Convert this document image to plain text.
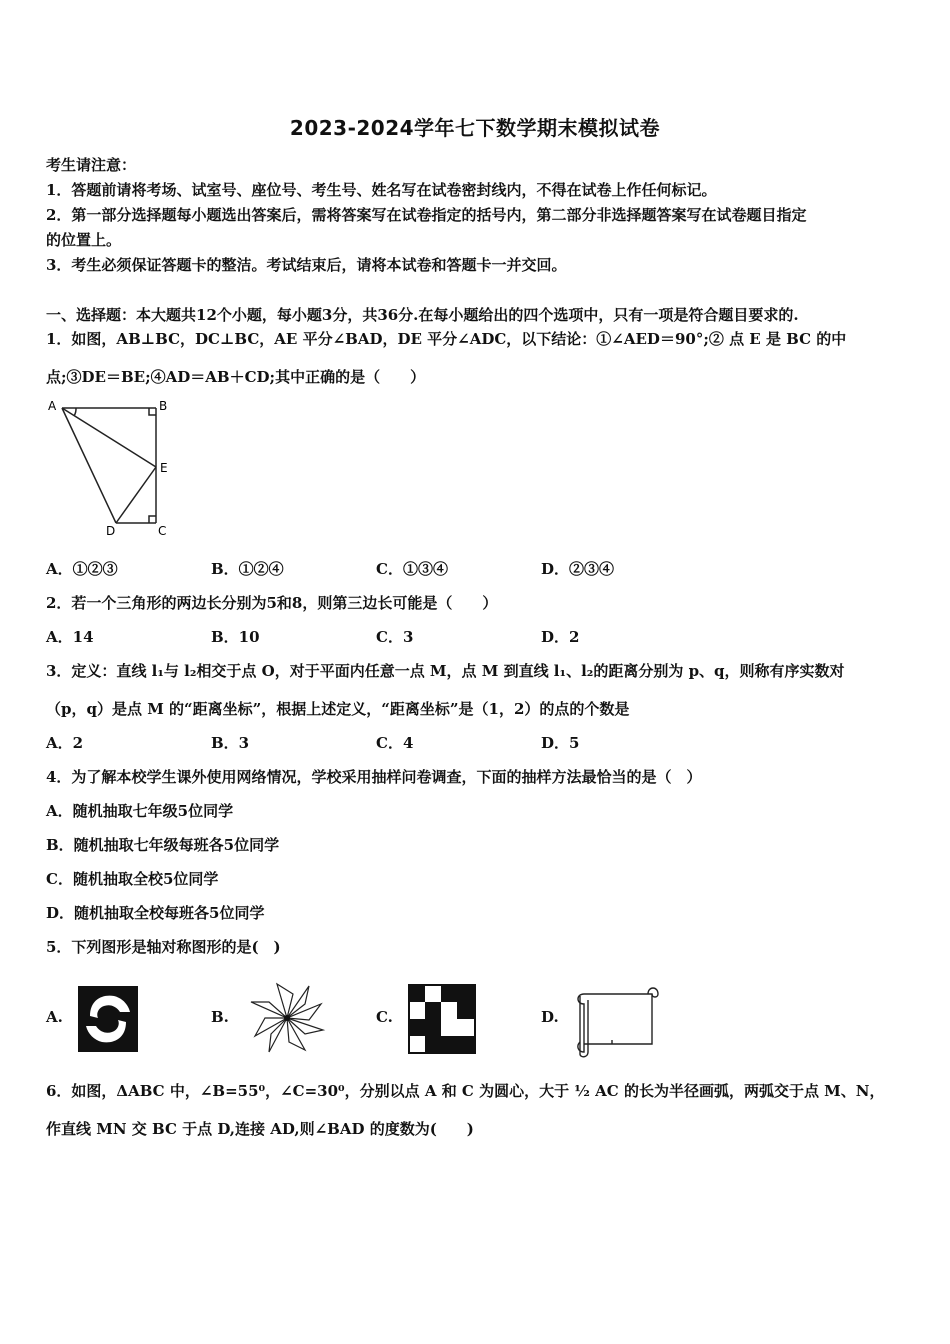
2023-2024学年七下数学期末模拟试卷
考生请注意：
1．答题前请将考场、试室号、座位号、考生号、姓名写在试卷密封线内，不得在试卷上作任何标记。
2．第一部分选择题每小题选出答案后，需将答案写在试卷指定的括号内，第二部分非选择题答案写在试卷题目指定
的位置上。
3．考生必须保证答题卡的整洁。考试结束后，请将本试卷和答题卡一并交回。
一、选择题：本大题共12个小题，每小题3分，共36分.在每小题给出的四个选项中，只有一项是符合题目要求的.
1．如图，AB⊥BC，DC⊥BC，AE 平分∠BAD，DE 平分∠ADC，以下结论：①∠AED＝90°;② 点 E 是 BC 的中
点;③DE＝BE;④AD＝AB＋CD;其中正确的是（　　）
A	B
E
D	C
A．①②③	B．①②④	C．①③④	D．②③④
2．若一个三角形的两边长分别为5和8，则第三边长可能是（　　）
A．14	B．10	C．3	D．2
3．定义：直线 l₁与 l₂相交于点 O，对于平面内任意一点 M，点 M 到直线 l₁、l₂的距离分别为 p、q，则称有序实数对
（p，q）是点 M 的“距离坐标”，根据上述定义，“距离坐标”是（1，2）的点的个数是
A．2	B．3	C．4	D．5
4．为了解本校学生课外使用网络情况，学校采用抽样问卷调查，下面的抽样方法最恰当的是（　）
A．随机抽取七年级5位同学
B．随机抽取七年级每班各5位同学
C．随机抽取全校5位同学
D．随机抽取全校每班各5位同学
5．下列图形是轴对称图形的是(　)
A.	B.	C.	D.
6．如图，ΔABC 中，∠B=55⁰，∠C=30⁰，分别以点 A 和 C 为圆心，大于 ½ AC 的长为半径画弧，两弧交于点 M、N，
作直线 MN 交 BC 于点 D,连接 AD,则∠BAD 的度数为(　　)
